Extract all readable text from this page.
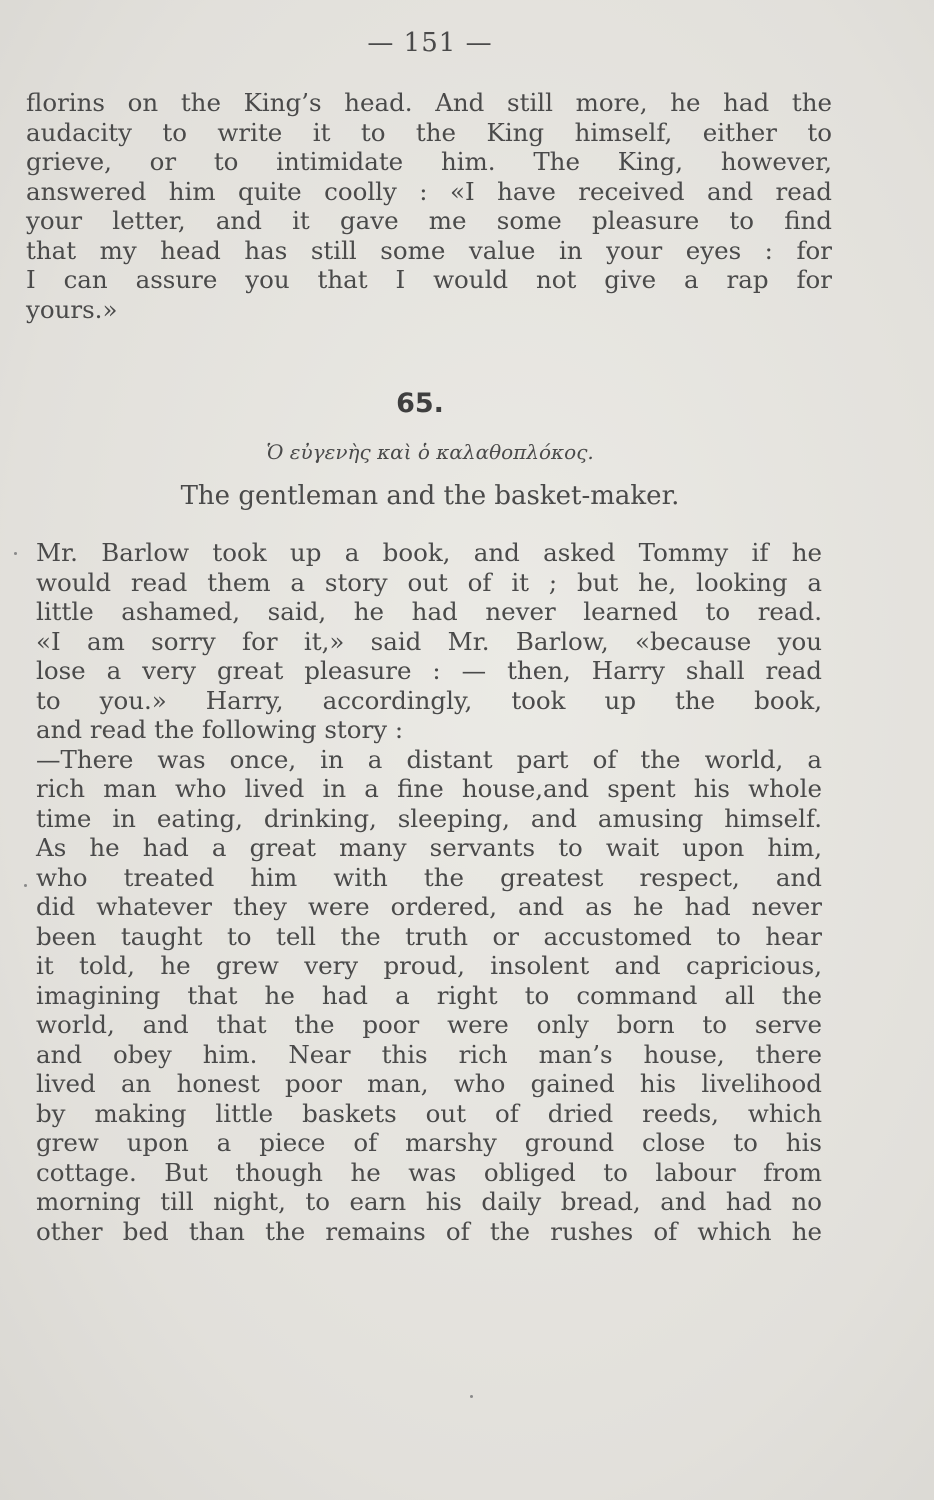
— 151 —
florins on the King’s head. And still more, he had the
audacity to write it to the King himself, either to
grieve, or to intimidate him. The King, however,
answered him quite coolly : «I have received and read
your letter, and it gave me some pleasure to find
that my head has still some value in your eyes : for
I can assure you that I would not give a rap for
yours.»
65.
Ὁ εὐγενὴς καὶ ὁ καλαθοπλόκος.
The gentleman and the basket-maker.
Mr. Barlow took up a book, and asked Tommy if he
would read them a story out of it ; but he, looking a
little ashamed, said, he had never learned to read.
«I am sorry for it,» said Mr. Barlow, «because you
lose a very great pleasure : — then, Harry shall read
to you.» Harry, accordingly, took up the book,
and read the following story :
—There was once, in a distant part of the world, a
rich man who lived in a fine house,and spent his whole
time in eating, drinking, sleeping, and amusing himself.
As he had a great many servants to wait upon him,
who treated him with the greatest respect, and
did whatever they were ordered, and as he had never
been taught to tell the truth or accustomed to hear
it told, he grew very proud, insolent and capricious,
imagining that he had a right to command all the
world, and that the poor were only born to serve
and obey him. Near this rich man’s house, there
lived an honest poor man, who gained his livelihood
by making little baskets out of dried reeds, which
grew upon a piece of marshy ground close to his
cottage. But though he was obliged to labour from
morning till night, to earn his daily bread, and had no
other bed than the remains of the rushes of which he
